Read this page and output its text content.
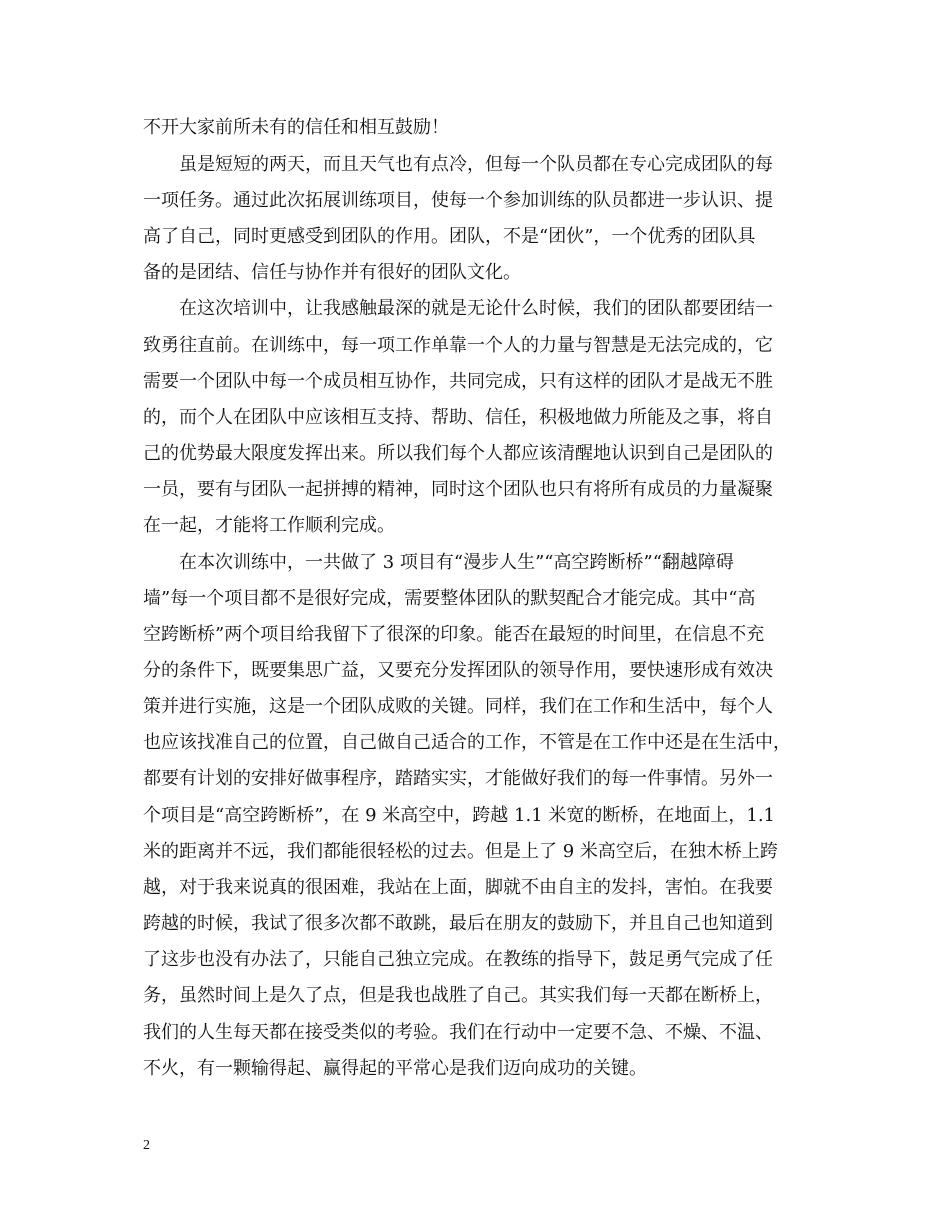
不开大家前所未有的信任和相互鼓励！
　　虽是短短的两天，而且天气也有点冷，但每一个队员都在专心完成团队的每
一项任务。通过此次拓展训练项目，使每一个参加训练的队员都进一步认识、提
高了自己，同时更感受到团队的作用。团队，不是“团伙”，一个优秀的团队具
备的是团结、信任与协作并有很好的团队文化。
　　在这次培训中，让我感触最深的就是无论什么时候，我们的团队都要团结一
致勇往直前。在训练中，每一项工作单靠一个人的力量与智慧是无法完成的，它
需要一个团队中每一个成员相互协作，共同完成，只有这样的团队才是战无不胜
的，而个人在团队中应该相互支持、帮助、信任，积极地做力所能及之事，将自
己的优势最大限度发挥出来。所以我们每个人都应该清醒地认识到自己是团队的
一员，要有与团队一起拼搏的精神，同时这个团队也只有将所有成员的力量凝聚
在一起，才能将工作顺利完成。
　　在本次训练中，一共做了 3 项目有“漫步人生”“高空跨断桥”“翻越障碍
墙”每一个项目都不是很好完成，需要整体团队的默契配合才能完成。其中“高
空跨断桥”两个项目给我留下了很深的印象。能否在最短的时间里，在信息不充
分的条件下，既要集思广益，又要充分发挥团队的领导作用，要快速形成有效决
策并进行实施，这是一个团队成败的关键。同样，我们在工作和生活中，每个人
也应该找准自己的位置，自己做自己适合的工作，不管是在工作中还是在生活中，
都要有计划的安排好做事程序，踏踏实实，才能做好我们的每一件事情。另外一
个项目是“高空跨断桥”，在 9 米高空中，跨越 1.1 米宽的断桥，在地面上，1.1
米的距离并不远，我们都能很轻松的过去。但是上了 9 米高空后，在独木桥上跨
越，对于我来说真的很困难，我站在上面，脚就不由自主的发抖，害怕。在我要
跨越的时候，我试了很多次都不敢跳，最后在朋友的鼓励下，并且自己也知道到
了这步也没有办法了，只能自己独立完成。在教练的指导下，鼓足勇气完成了任
务，虽然时间上是久了点，但是我也战胜了自己。其实我们每一天都在断桥上，
我们的人生每天都在接受类似的考验。我们在行动中一定要不急、不燥、不温、
不火，有一颗输得起、赢得起的平常心是我们迈向成功的关键。
2
